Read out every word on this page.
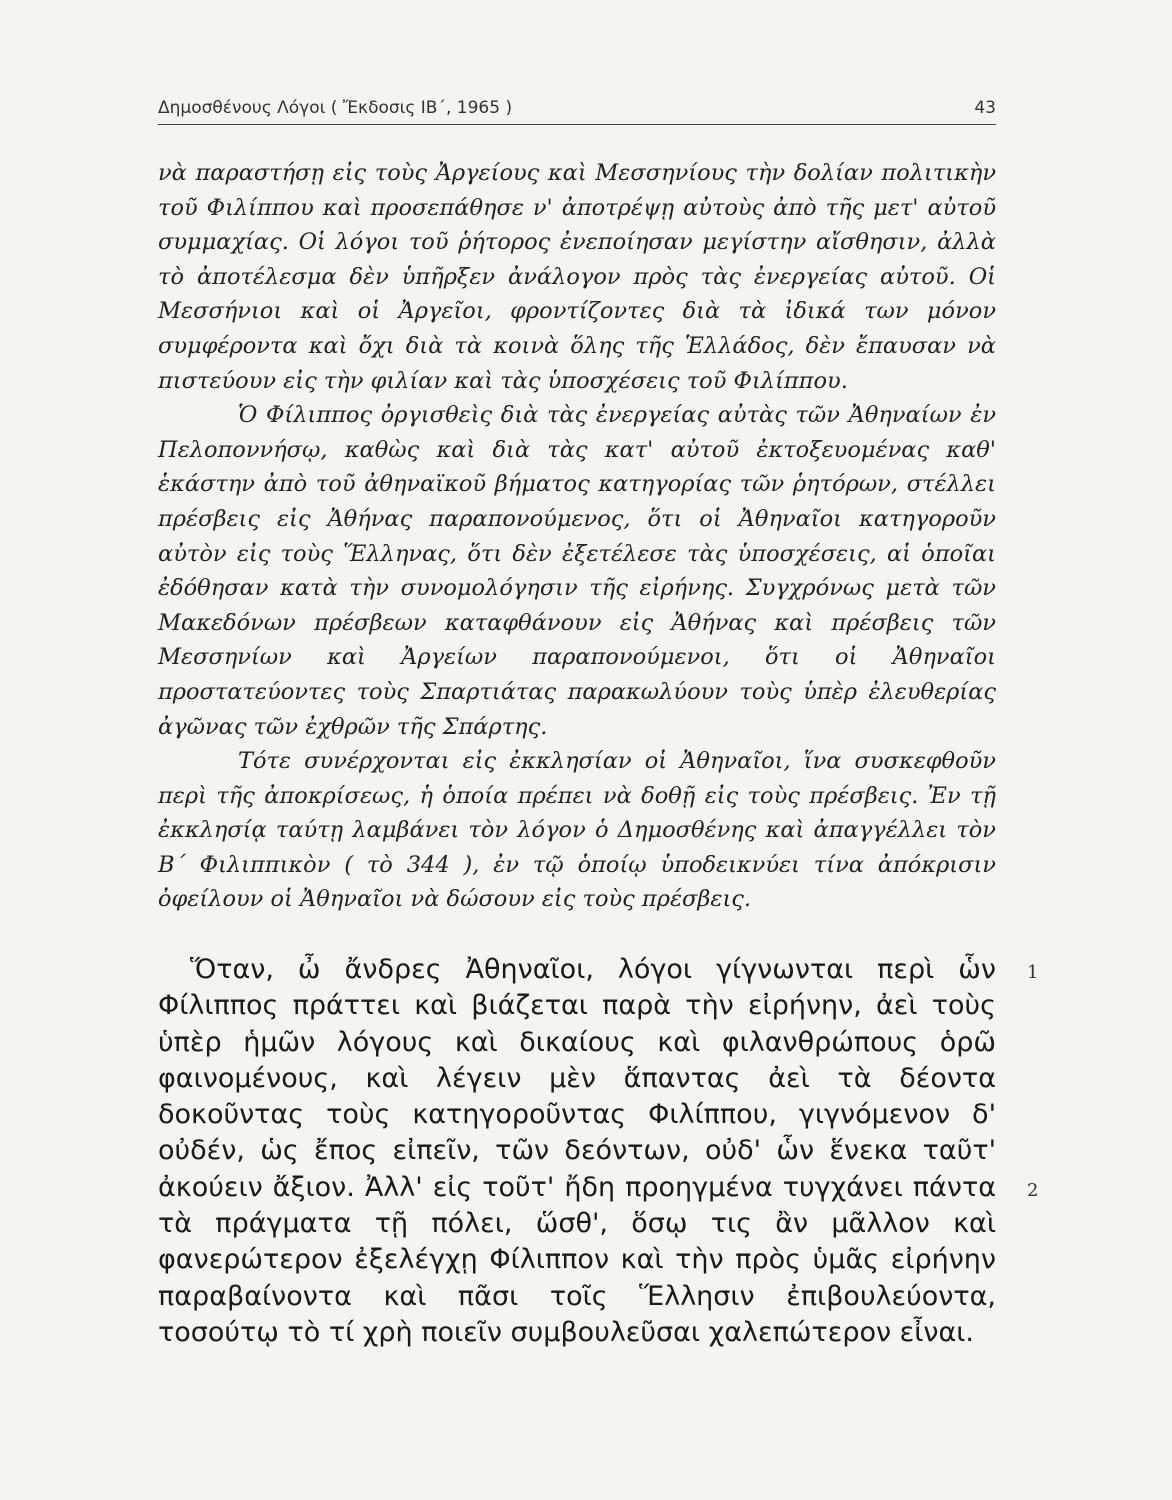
Δημοσθένους Λόγοι ( Ἔκδοσις ΙΒ΄, 1965 )	43

νὰ παραστήσῃ εἰς τοὺς Ἀργείους καὶ Μεσσηνίους τὴν δολίαν πολιτικὴν τοῦ Φιλίππου καὶ προσεπάθησε ν' ἀποτρέψῃ αὐτοὺς ἀπὸ τῆς μετ' αὐτοῦ συμμαχίας. Οἱ λόγοι τοῦ ῥήτορος ἐνεποίησαν μεγίστην αἴσθησιν, ἀλλὰ τὸ ἀποτέλεσμα δὲν ὑπῆρξεν ἀνάλογον πρὸς τὰς ἐνεργείας αὐτοῦ. Οἱ Μεσσήνιοι καὶ οἱ Ἀργεῖοι, φροντίζοντες διὰ τὰ ἰδικά των μόνον συμφέροντα καὶ ὄχι διὰ τὰ κοινὰ ὅλης τῆς Ἑλλάδος, δὲν ἔπαυσαν νὰ πιστεύουν εἰς τὴν φιλίαν καὶ τὰς ὑποσχέσεις τοῦ Φιλίππου.

Ὁ Φίλιππος ὀργισθεὶς διὰ τὰς ἐνεργείας αὐτὰς τῶν Ἀθηναίων ἐν Πελοποννήσῳ, καθὼς καὶ διὰ τὰς κατ' αὐτοῦ ἐκτοξευομένας καθ' ἑκάστην ἀπὸ τοῦ ἀθηναϊκοῦ βήματος κατηγορίας τῶν ῥητόρων, στέλλει πρέσβεις εἰς Ἀθήνας παραπονούμενος, ὅτι οἱ Ἀθηναῖοι κατηγοροῦν αὐτὸν εἰς τοὺς Ἕλληνας, ὅτι δὲν ἐξετέλεσε τὰς ὑποσχέσεις, αἱ ὁποῖαι ἐδόθησαν κατὰ τὴν συνομολόγησιν τῆς εἰρήνης. Συγχρόνως μετὰ τῶν Μακεδόνων πρέσβεων καταφθάνουν εἰς Ἀθήνας καὶ πρέσβεις τῶν Μεσσηνίων καὶ Ἀργείων παραπονούμενοι, ὅτι οἱ Ἀθηναῖοι προστατεύοντες τοὺς Σπαρτιάτας παρακωλύουν τοὺς ὑπὲρ ἐλευθερίας ἀγῶνας τῶν ἐχθρῶν τῆς Σπάρτης.

Τότε συνέρχονται εἰς ἐκκλησίαν οἱ Ἀθηναῖοι, ἵνα συσκεφθοῦν περὶ τῆς ἀποκρίσεως, ἡ ὁποία πρέπει νὰ δοθῇ εἰς τοὺς πρέσβεις. Ἐν τῇ ἐκκλησίᾳ ταύτῃ λαμβάνει τὸν λόγον ὁ Δημοσθένης καὶ ἀπαγγέλλει τὸν Β΄ Φιλιππικὸν ( τὸ 344 ), ἐν τῷ ὁποίῳ ὑποδεικνύει τίνα ἀπόκρισιν ὀφείλουν οἱ Ἀθηναῖοι νὰ δώσουν εἰς τοὺς πρέσβεις.

Ὅταν, ὦ ἄνδρες Ἀθηναῖοι, λόγοι γίγνωνται περὶ ὧν Φίλιππος πράττει καὶ βιάζεται παρὰ τὴν εἰρήνην, ἀεὶ τοὺς ὑπὲρ ἡμῶν λόγους καὶ δικαίους καὶ φιλανθρώπους ὁρῶ φαινομένους, καὶ λέγειν μὲν ἅπαντας ἀεὶ τὰ δέοντα δοκοῦντας τοὺς κατηγοροῦντας Φιλίππου, γιγνόμενον δ' οὐδέν, ὡς ἔπος εἰπεῖν, τῶν δεόντων, οὐδ' ὧν ἕνεκα ταῦτ' ἀκούειν ἄξιον. Ἀλλ' εἰς τοῦτ' ἤδη προηγμένα τυγχάνει πάντα τὰ πράγματα τῇ πόλει, ὥσθ', ὅσῳ τις ἂν μᾶλλον καὶ φανερώτερον ἐξελέγχῃ Φίλιππον καὶ τὴν πρὸς ὑμᾶς εἰρήνην παραβαίνοντα καὶ πᾶσι τοῖς Ἕλλησιν ἐπιβουλεύοντα, τοσούτῳ τὸ τί χρὴ ποιεῖν συμβουλεῦσαι χαλεπώτερον εἶναι.

1
2
